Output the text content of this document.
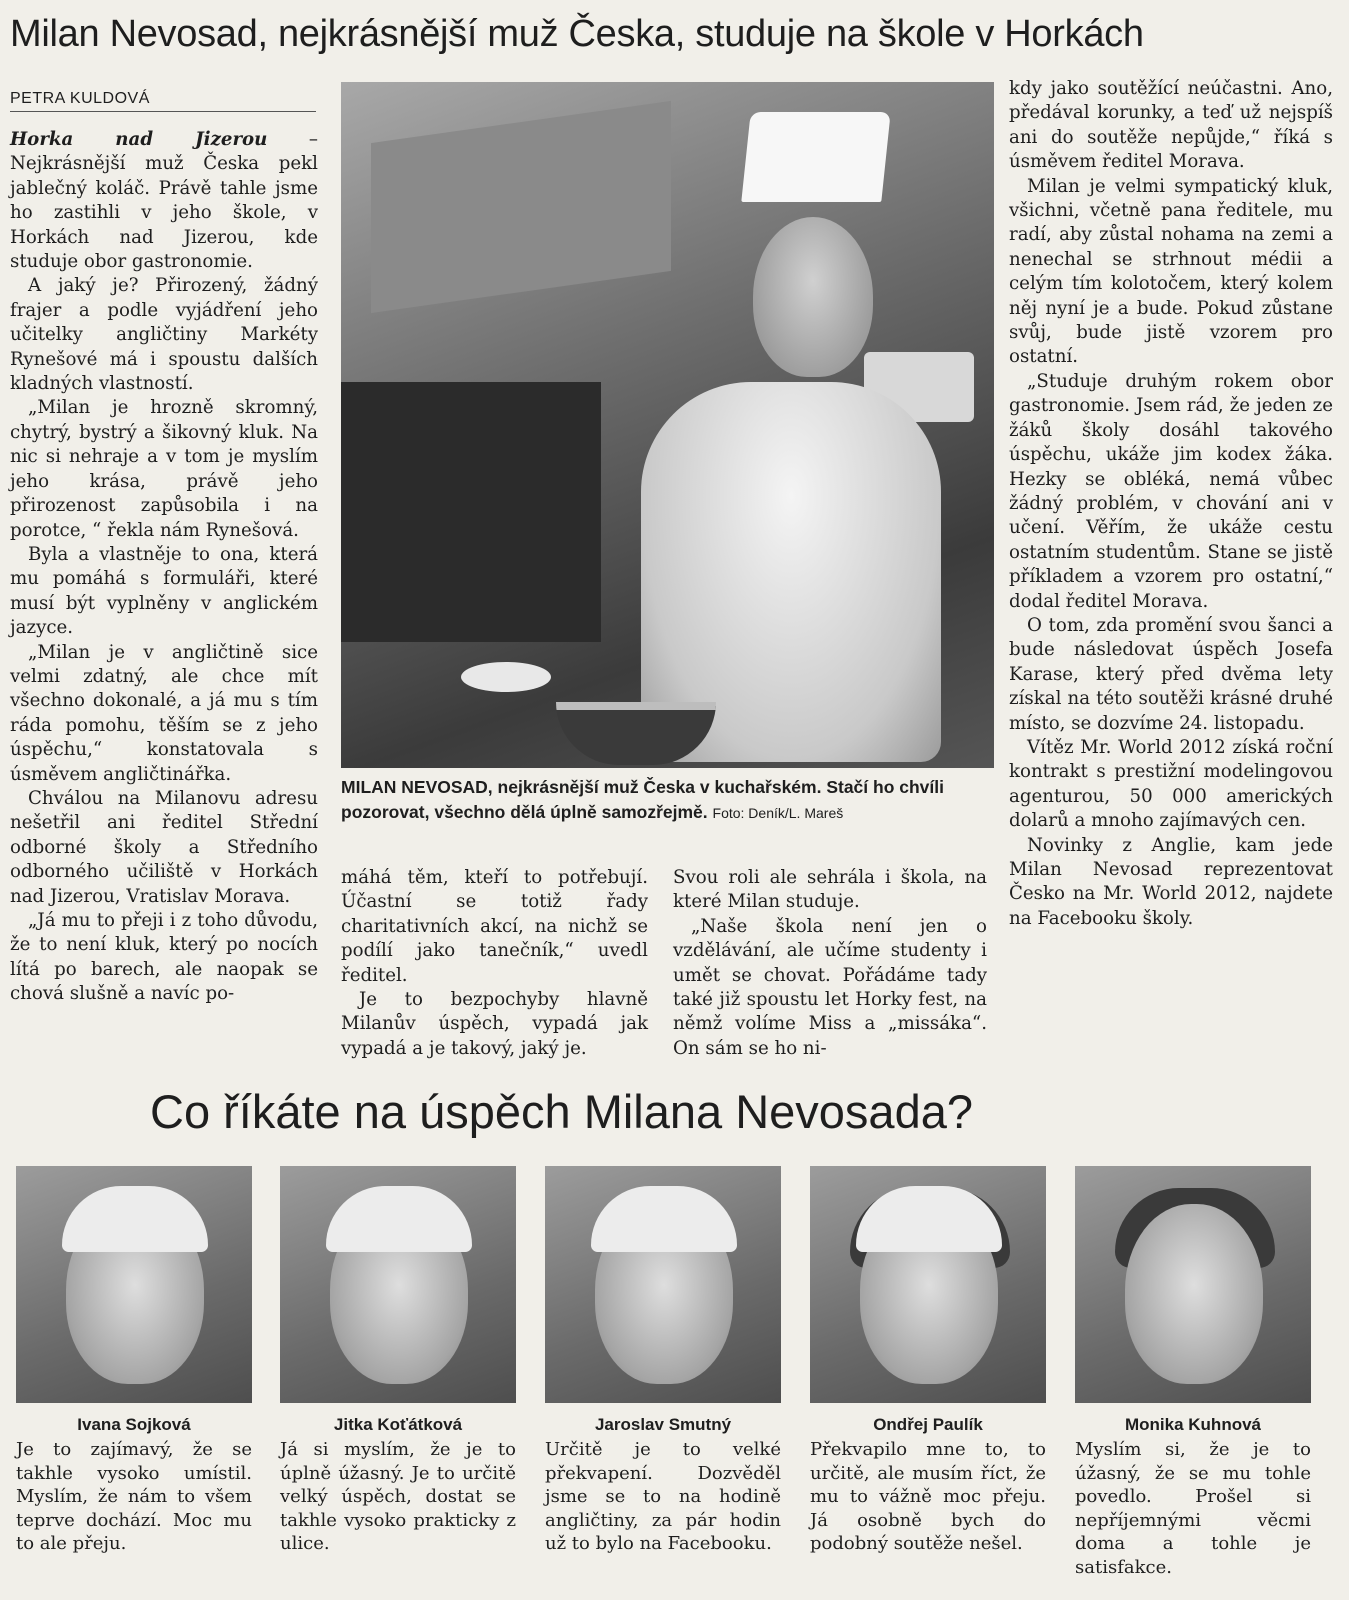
Milan Nevosad, nejkrásnější muž Česka, studuje na škole v Horkách
PETRA KULDOVÁ

Horka nad Jizerou – Nejkrásnější muž Česka pekl jablečný koláč. Právě tahle jsme ho zastihli v jeho škole, v Horkách nad Jizerou, kde studuje obor gastronomie.

A jaký je? Přirozený, žádný frajer a podle vyjádření jeho učitelky angličtiny Markéty Rynešové má i spoustu dalších kladných vlastností.

„Milan je hrozně skromný, chytrý, bystrý a šikovný kluk. Na nic si nehraje a v tom je myslím jeho krása, právě jeho přirozenost zapůsobila i na porotce, “ řekla nám Rynešová.

Byla a vlastněje to ona, která mu pomáhá s formuláři, které musí být vyplněny v anglickém jazyce.

„Milan je v angličtině sice velmi zdatný, ale chce mít všechno dokonalé, a já mu s tím ráda pomohu, těším se z jeho úspěchu,“ konstatovala s úsměvem angličtinářka.

Chválou na Milanovu adresu nešetřil ani ředitel Střední odborné školy a Středního odborného učiliště v Horkách nad Jizerou, Vratislav Morava.

„Já mu to přeji i z toho důvodu, že to není kluk, který po nocích lítá po barech, ale naopak se chová slušně a navíc po-

MILAN NEVOSAD, nejkrásnější muž Česka v kuchařském. Stačí ho chvíli pozorovat, všechno dělá úplně samozřejmě. Foto: Deník/L. Mareš

máhá těm, kteří to potřebují. Účastní se totiž řady charitativních akcí, na nichž se podílí jako tanečník,“ uvedl ředitel.

Je to bezpochyby hlavně Milanův úspěch, vypadá jak vypadá a je takový, jaký je.

Svou roli ale sehrála i škola, na které Milan studuje.

„Naše škola není jen o vzdělávání, ale učíme studenty i umět se chovat. Pořádáme tady také již spoustu let Horky fest, na němž volíme Miss a „missáka“. On sám se ho ni-

kdy jako soutěžící neúčastni. Ano, předával korunky, a teď už nejspíš ani do soutěže nepůjde,“ říká s úsměvem ředitel Morava.

Milan je velmi sympatický kluk, všichni, včetně pana ředitele, mu radí, aby zůstal nohama na zemi a nenechal se strhnout médii a celým tím kolotočem, který kolem něj nyní je a bude. Pokud zůstane svůj, bude jistě vzorem pro ostatní.

„Studuje druhým rokem obor gastronomie. Jsem rád, že jeden ze žáků školy dosáhl takového úspěchu, ukáže jim kodex žáka. Hezky se obléká, nemá vůbec žádný problém, v chování ani v učení. Věřím, že ukáže cestu ostatním studentům. Stane se jistě příkladem a vzorem pro ostatní,“ dodal ředitel Morava.

O tom, zda promění svou šanci a bude následovat úspěch Josefa Karase, který před dvěma lety získal na této soutěži krásné druhé místo, se dozvíme 24. listopadu.

Vítěz Mr. World 2012 získá roční kontrakt s prestižní modelingovou agenturou, 50 000 amerických dolarů a mnoho zajímavých cen.

Novinky z Anglie, kam jede Milan Nevosad reprezentovat Česko na Mr. World 2012, najdete na Facebooku školy.

Co říkáte na úspěch Milana Nevosada?
Ivana Sojková
Je to zajímavý, že se takhle vysoko umístil. Myslím, že nám to všem teprve dochází. Moc mu to ale přeju.
Jitka Koťátková
Já si myslím, že je to úplně úžasný. Je to určitě velký úspěch, dostat se takhle vysoko prakticky z ulice.
Jaroslav Smutný
Určitě je to velké překvapení. Dozvěděl jsme se to na hodině angličtiny, za pár hodin už to bylo na Facebooku.
Ondřej Paulík
Překvapilo mne to, to určitě, ale musím říct, že mu to vážně moc přeju. Já osobně bych do podobný soutěže nešel.
Monika Kuhnová
Myslím si, že je to úžasný, že se mu tohle povedlo. Prošel si nepříjemnými věcmi doma a tohle je satisfakce.
